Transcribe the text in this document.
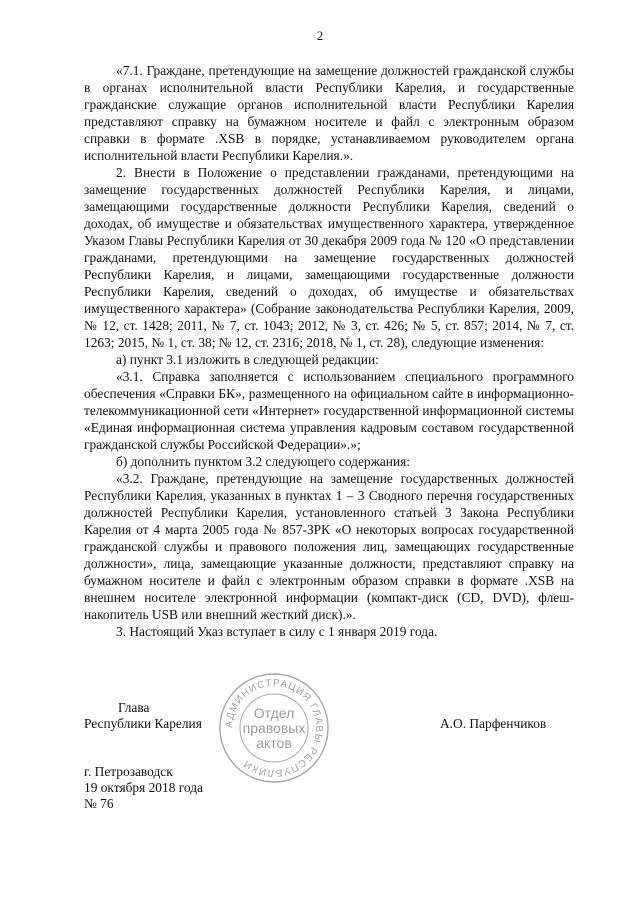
2

«7.1. Граждане, претендующие на замещение должностей гражданской службы в органах исполнительной власти Республики Карелия, и государственные гражданские служащие органов исполнительной власти Республики Карелия представляют справку на бумажном носителе и файл с электронным образом справки в формате .XSB в порядке, устанавливаемом руководителем органа исполнительной власти Республики Карелия.».

2. Внести в Положение о представлении гражданами, претендующими на замещение государственных должностей Республики Карелия, и лицами, замещающими государственные должности Республики Карелия, сведений о доходах, об имуществе и обязательствах имущественного характера, утвержденное Указом Главы Республики Карелия от 30 декабря 2009 года № 120 «О представлении гражданами, претендующими на замещение государственных должностей Республики Карелия, и лицами, замещающими государственные должности Республики Карелия, сведений о доходах, об имуществе и обязательствах имущественного характера» (Собрание законодательства Республики Карелия, 2009, № 12, ст. 1428; 2011, № 7, ст. 1043; 2012, № 3, ст. 426; № 5, ст. 857; 2014, № 7, ст. 1263; 2015, № 1, ст. 38; № 12, ст. 2316; 2018, № 1, ст. 28), следующие изменения:

а) пункт 3.1 изложить в следующей редакции:

«3.1. Справка заполняется с использованием специального программного обеспечения «Справки БК», размещенного на официальном сайте в информационно-телекоммуникационной сети «Интернет» государственной информационной системы «Единая информационная система управления кадровым составом государственной гражданской службы Российской Федерации».»;

б) дополнить пунктом 3.2 следующего содержания:

«3.2. Граждане, претендующие на замещение государственных должностей Республики Карелия, указанных в пунктах 1 – 3 Сводного перечня государственных должностей Республики Карелия, установленного статьей 3 Закона Республики Карелия от 4 марта 2005 года № 857-ЗРК «О некоторых вопросах государственной гражданской службы и правового положения лиц, замещающих государственные должности», лица, замещающие указанные должности, представляют справку на бумажном носителе и файл с электронным образом справки в формате .XSB на внешнем носителе электронной информации (компакт-диск (CD, DVD), флеш-накопитель USB или внешний жесткий диск).».

3. Настоящий Указ вступает в силу с 1 января 2019 года.

Глава
Республики Карелия	А.О. Парфенчиков
АДМИНИСТРАЦИЯ ГЛАВЫ РЕСПУБЛИКИ
Отдел
правовых
актов
г. Петрозаводск
19 октября 2018 года
№ 76
